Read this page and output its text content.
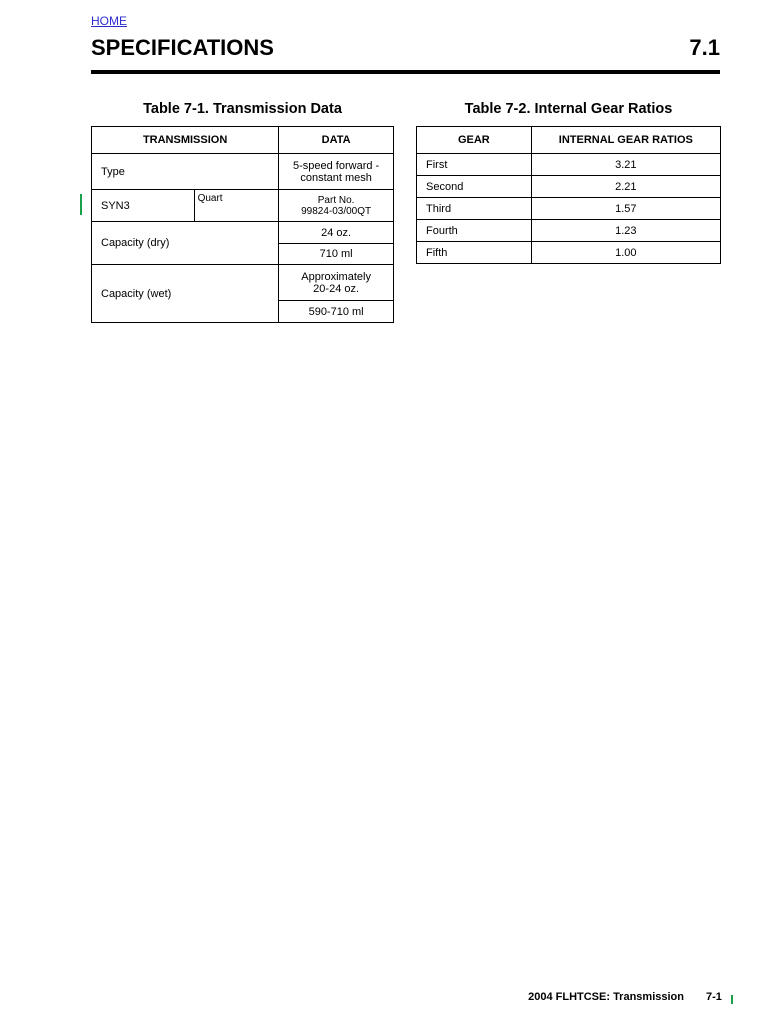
HOME
SPECIFICATIONS	7.1
Table 7-1. Transmission Data	Table 7-2. Internal Gear Ratios
TRANSMISSION		DATA
Type		5-speed forward -
constant mesh

SYN3	Quart	Part No.
99824-03/00QT

Capacity (dry)		24 oz.
		710 ml
Capacity (wet)		Approximately
20-24 oz.

		590-710 ml
GEAR	INTERNAL GEAR RATIOS
First	3.21
Second	2.21
Third	1.57
Fourth	1.23
Fifth	1.00
2004 FLHTCSE: Transmission 7-1
